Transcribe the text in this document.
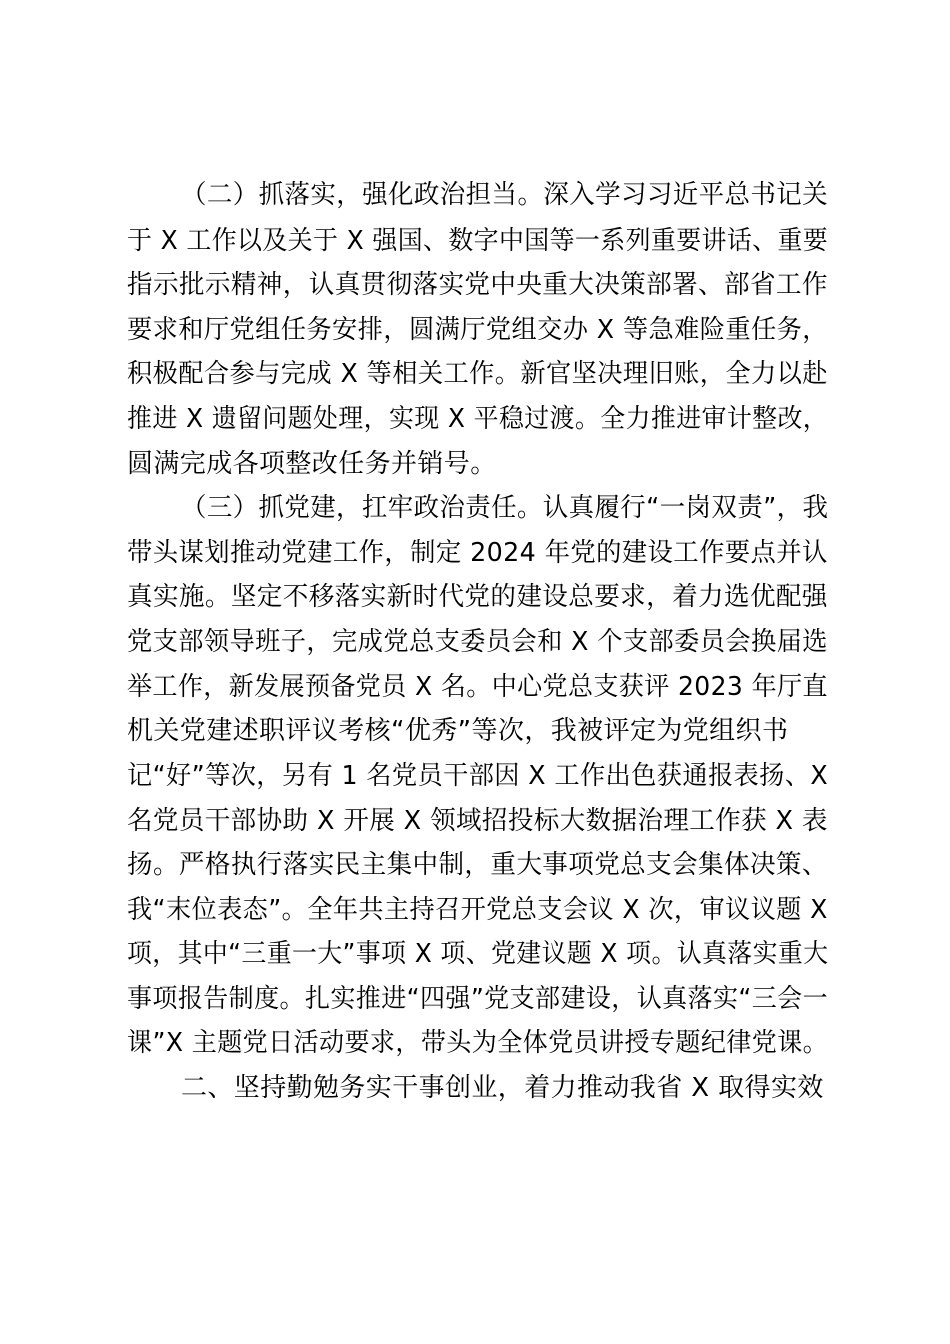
（二）抓落实，强化政治担当。深入学习习近平总书记关
于 X 工作以及关于 X 强国、数字中国等一系列重要讲话、重要
指示批示精神，认真贯彻落实党中央重大决策部署、部省工作
要求和厅党组任务安排，圆满厅党组交办 X 等急难险重任务，
积极配合参与完成 X 等相关工作。新官坚决理旧账，全力以赴
推进 X 遗留问题处理，实现 X 平稳过渡。全力推进审计整改，
圆满完成各项整改任务并销号。
（三）抓党建，扛牢政治责任。认真履行“一岗双责”，我
带头谋划推动党建工作，制定 2024 年党的建设工作要点并认
真实施。坚定不移落实新时代党的建设总要求，着力选优配强
党支部领导班子，完成党总支委员会和 X 个支部委员会换届选
举工作，新发展预备党员 X 名。中心党总支获评 2023 年厅直
机关党建述职评议考核“优秀”等次，我被评定为党组织书
记“好”等次，另有 1 名党员干部因 X 工作出色获通报表扬、X
名党员干部协助 X 开展 X 领域招投标大数据治理工作获 X 表
扬。严格执行落实民主集中制，重大事项党总支会集体决策、
我“末位表态”。全年共主持召开党总支会议 X 次，审议议题 X
项，其中“三重一大”事项 X 项、党建议题 X 项。认真落实重大
事项报告制度。扎实推进“四强”党支部建设，认真落实“三会一
课”X 主题党日活动要求，带头为全体党员讲授专题纪律党课。
二、坚持勤勉务实干事创业，着力推动我省 X 取得实效
